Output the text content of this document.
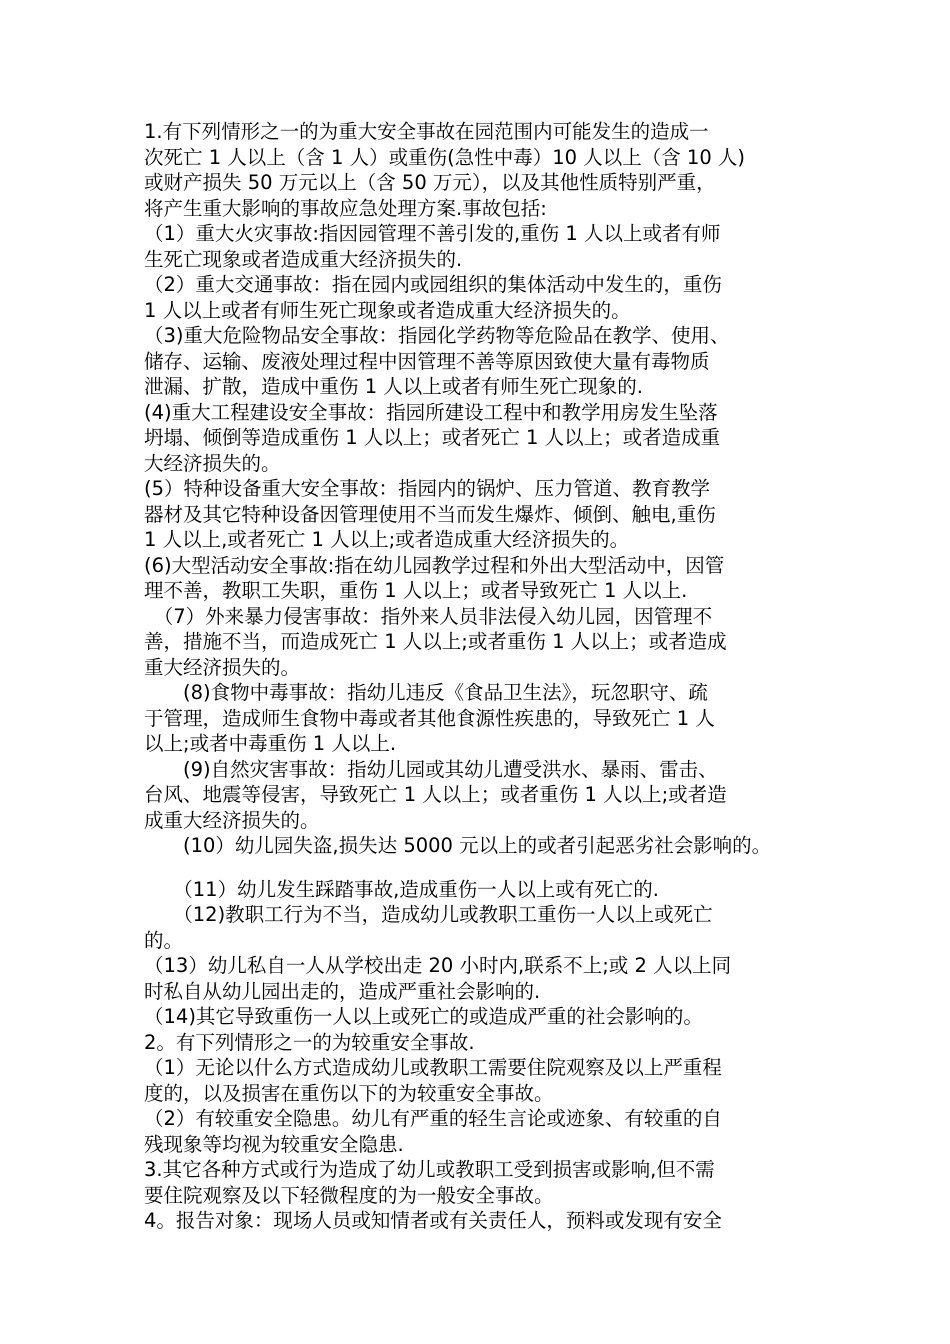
1.有下列情形之一的为重大安全事故在园范围内可能发生的造成一
次死亡 1 人以上（含 1 人）或重伤(急性中毒）10 人以上（含 10 人)
或财产损失 50 万元以上（含 50 万元），以及其他性质特别严重，
将产生重大影响的事故应急处理方案.事故包括:
（1）重大火灾事故:指因园管理不善引发的,重伤 1 人以上或者有师
生死亡现象或者造成重大经济损失的.
（2）重大交通事故：指在园内或园组织的集体活动中发生的，重伤
1 人以上或者有师生死亡现象或者造成重大经济损失的。
（3)重大危险物品安全事故：指园化学药物等危险品在教学、使用、
储存、运输、废液处理过程中因管理不善等原因致使大量有毒物质
泄漏、扩散，造成中重伤 1 人以上或者有师生死亡现象的.
(4)重大工程建设安全事故：指园所建设工程中和教学用房发生坠落
坍塌、倾倒等造成重伤 1 人以上；或者死亡 1 人以上；或者造成重
大经济损失的。
(5）特种设备重大安全事故：指园内的锅炉、压力管道、教育教学
器材及其它特种设备因管理使用不当而发生爆炸、倾倒、触电,重伤
1 人以上,或者死亡 1 人以上;或者造成重大经济损失的。
(6)大型活动安全事故:指在幼儿园教学过程和外出大型活动中，因管
理不善，教职工失职，重伤 1 人以上；或者导致死亡 1 人以上.
　（7）外来暴力侵害事故：指外来人员非法侵入幼儿园，因管理不
善，措施不当，而造成死亡 1 人以上;或者重伤 1 人以上；或者造成
重大经济损失的。
　　(8)食物中毒事故：指幼儿违反《食品卫生法》，玩忽职守、疏
于管理，造成师生食物中毒或者其他食源性疾患的，导致死亡 1 人
以上;或者中毒重伤 1 人以上.
　　(9)自然灾害事故：指幼儿园或其幼儿遭受洪水、暴雨、雷击、
台风、地震等侵害，导致死亡 1 人以上；或者重伤 1 人以上;或者造
成重大经济损失的。
　　(10）幼儿园失盗,损失达 5000 元以上的或者引起恶劣社会影响的。
　　（11）幼儿发生踩踏事故,造成重伤一人以上或有死亡的.
　　（12)教职工行为不当，造成幼儿或教职工重伤一人以上或死亡
的。
（13）幼儿私自一人从学校出走 20 小时内,联系不上;或 2 人以上同
时私自从幼儿园出走的，造成严重社会影响的.
（14)其它导致重伤一人以上或死亡的或造成严重的社会影响的。
2。有下列情形之一的为较重安全事故.
（1）无论以什么方式造成幼儿或教职工需要住院观察及以上严重程
度的，以及损害在重伤以下的为较重安全事故。
（2）有较重安全隐患。幼儿有严重的轻生言论或迹象、有较重的自
残现象等均视为较重安全隐患.
3.其它各种方式或行为造成了幼儿或教职工受到损害或影响,但不需
要住院观察及以下轻微程度的为一般安全事故。
4。报告对象：现场人员或知情者或有关责任人，预料或发现有安全
